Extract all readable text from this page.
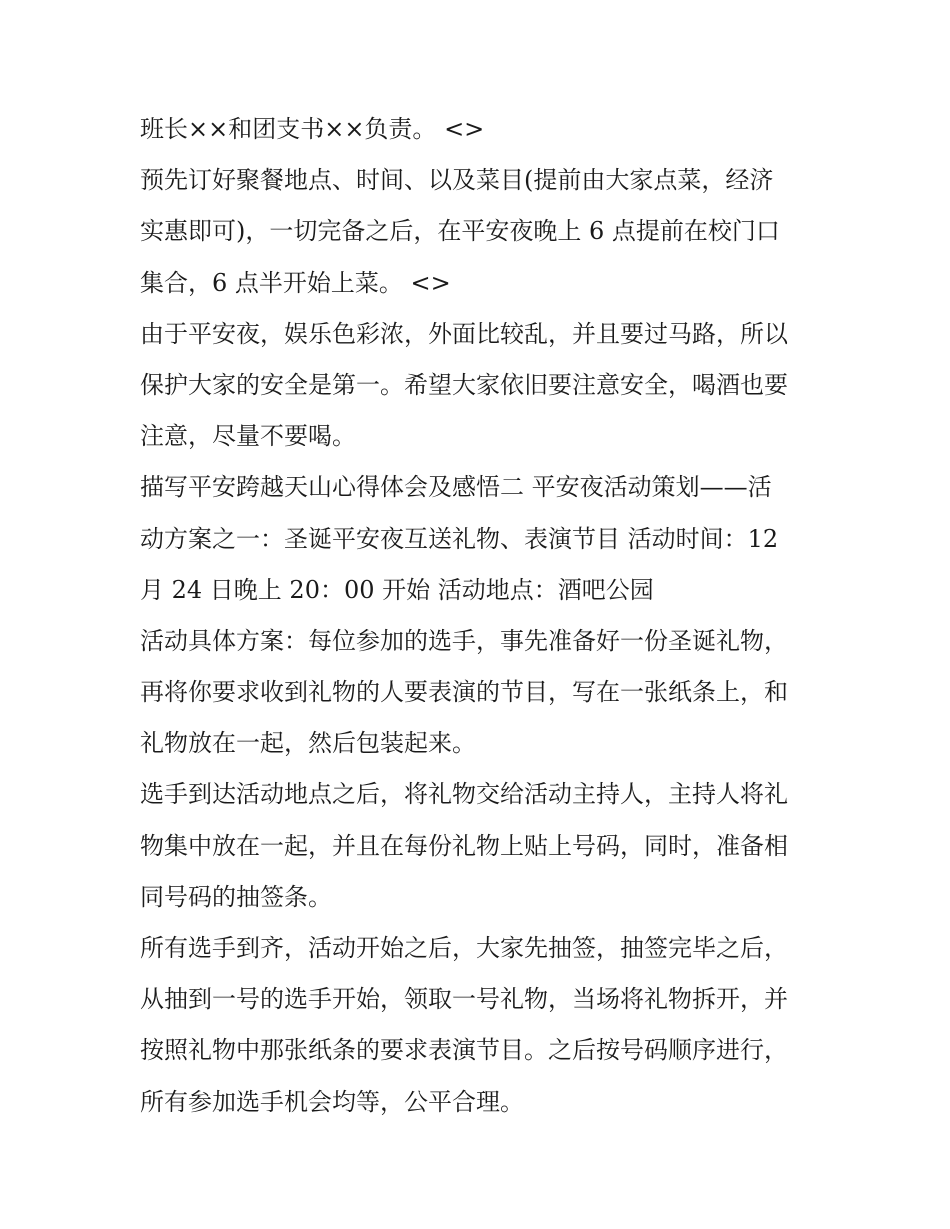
班长××和团支书××负责。 <>
预先订好聚餐地点、时间、以及菜目(提前由大家点菜，经济
实惠即可)，一切完备之后，在平安夜晚上 6 点提前在校门口
集合，6 点半开始上菜。 <>
由于平安夜，娱乐色彩浓，外面比较乱，并且要过马路，所以
保护大家的安全是第一。希望大家依旧要注意安全，喝酒也要
注意，尽量不要喝。
描写平安跨越天山心得体会及感悟二 平安夜活动策划——活
动方案之一：圣诞平安夜互送礼物、表演节目 活动时间：12
月 24 日晚上 20：00 开始 活动地点：酒吧公园
活动具体方案：每位参加的选手，事先准备好一份圣诞礼物，
再将你要求收到礼物的人要表演的节目，写在一张纸条上，和
礼物放在一起，然后包装起来。
选手到达活动地点之后，将礼物交给活动主持人，主持人将礼
物集中放在一起，并且在每份礼物上贴上号码，同时，准备相
同号码的抽签条。
所有选手到齐，活动开始之后，大家先抽签，抽签完毕之后，
从抽到一号的选手开始，领取一号礼物，当场将礼物拆开，并
按照礼物中那张纸条的要求表演节目。之后按号码顺序进行，
所有参加选手机会均等，公平合理。
